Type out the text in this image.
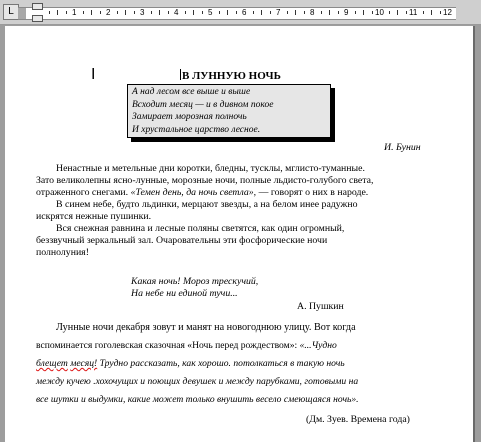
L	1	2	3	4	5	6	7	8	9	10	11	12
I	В ЛУННУЮ НОЧЬ
А над лесом все выше и выше
Всходит месяц — и в дивном покое
Замирает морозная полночь
И хрустальное царство лесное.
И. Бунин
Ненастные и метельные дни коротки, бледны, тусклы, мглисто-туманные.
Зато великолепны ясно-лунные, морозные ночи, полные льдисто-голубого света,
отраженного снегами. «Темен день, да ночь светла», — говорят о них в народе.
В синем небе, будто льдинки, мерцают звезды, а на белом инее радужно
искрятся нежные пушинки.
Вся снежная равнина и лесные поляны светятся, как один огромный,
беззвучный зеркальный зал. Очаровательны эти фосфорические ночи
полнолуния!
Какая ночь! Мороз трескучий,
На небе ни единой тучи...
А. Пушкин
Лунные ночи декабря зовут и манят на новогоднюю улицу. Вот когда
вспоминается гоголевская сказочная «Ночь перед рождеством»: «...Чудно
блещет месяц! Трудно рассказать, как хорошо. потолкаться в такую ночь
между кучею .хохочущих и поющих девушек и между парубками, готовыми на
все шутки и выдумки, какие может только внушить весело смеющаяся ночь».
(Дм. Зуев. Времена года)
